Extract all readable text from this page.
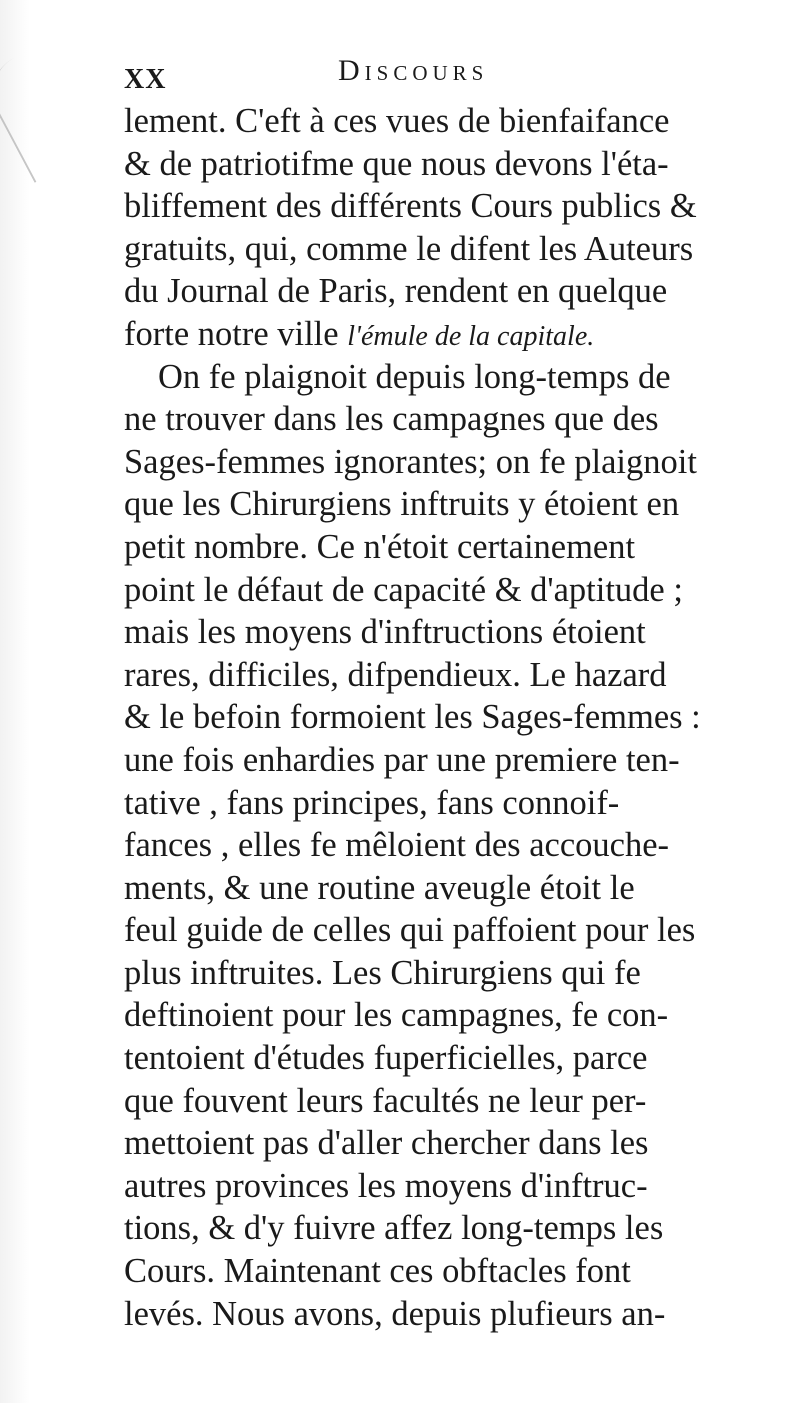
XX	Discours
lement. C'eft à ces vues de bienfaifance
& de patriotifme que nous devons l'éta-
bliffement des différents Cours publics &
gratuits, qui, comme le difent les Auteurs
du Journal de Paris, rendent en quelque
forte notre ville l'émule de la capitale.
On fe plaignoit depuis long-temps de
ne trouver dans les campagnes que des
Sages-femmes ignorantes; on fe plaignoit
que les Chirurgiens inftruits y étoient en
petit nombre. Ce n'étoit certainement
point le défaut de capacité & d'aptitude ;
mais les moyens d'inftructions étoient
rares, difficiles, difpendieux. Le hazard
& le befoin formoient les Sages-femmes :
une fois enhardies par une premiere ten-
tative , fans principes, fans connoif-
fances , elles fe mêloient des accouche-
ments, & une routine aveugle étoit le
feul guide de celles qui paffoient pour les
plus inftruites. Les Chirurgiens qui fe
deftinoient pour les campagnes, fe con-
tentoient d'études fuperficielles, parce
que fouvent leurs facultés ne leur per-
mettoient pas d'aller chercher dans les
autres provinces les moyens d'inftruc-
tions, & d'y fuivre affez long-temps les
Cours. Maintenant ces obftacles font
levés. Nous avons, depuis plufieurs an-
